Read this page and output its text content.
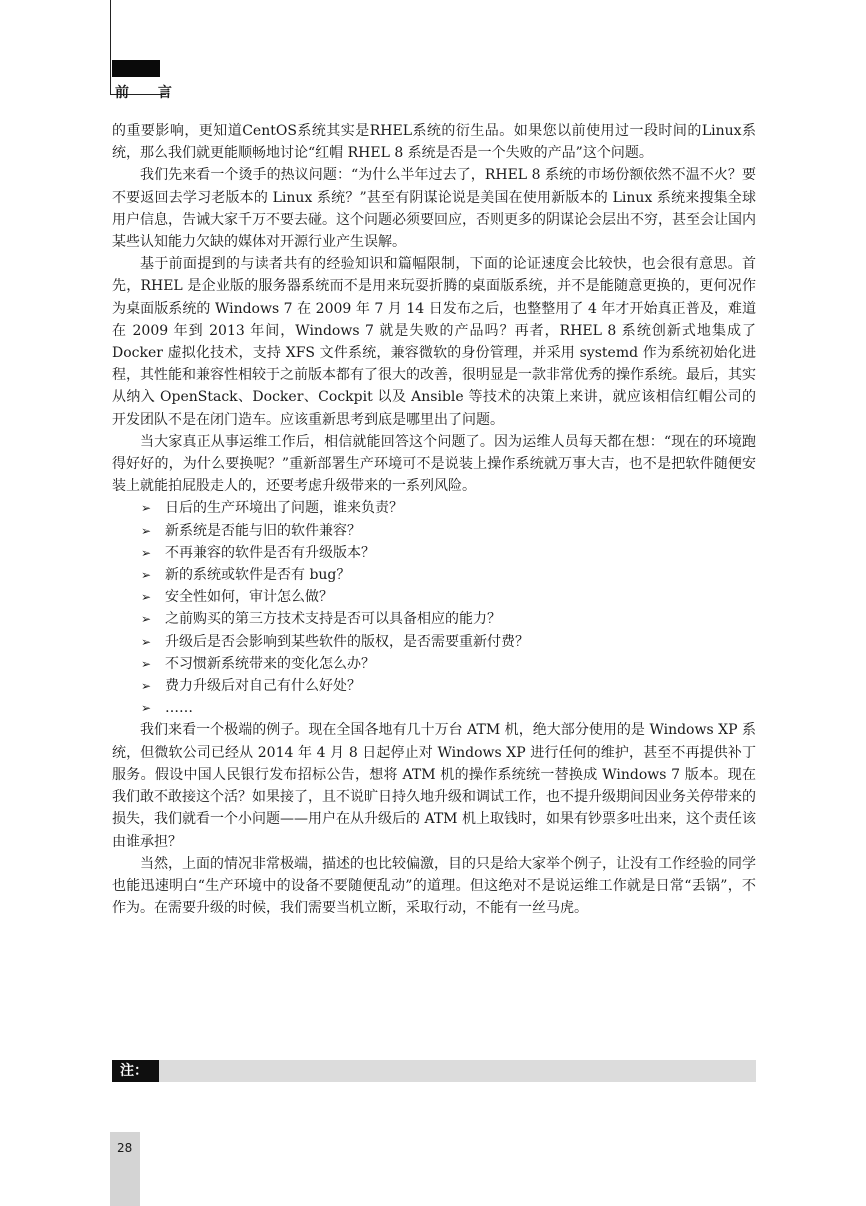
前 言

的重要影响，更知道CentOS系统其实是RHEL系统的衍生品。如果您以前使用过一段时间的Linux系统，那么我们就更能顺畅地讨论“红帽 RHEL 8 系统是否是一个失败的产品”这个问题。

我们先来看一个烫手的热议问题：“为什么半年过去了，RHEL 8 系统的市场份额依然不温不火？要不要返回去学习老版本的 Linux 系统？”甚至有阴谋论说是美国在使用新版本的 Linux 系统来搜集全球用户信息，告诫大家千万不要去碰。这个问题必须要回应，否则更多的阴谋论会层出不穷，甚至会让国内某些认知能力欠缺的媒体对开源行业产生误解。

基于前面提到的与读者共有的经验知识和篇幅限制，下面的论证速度会比较快，也会很有意思。首先，RHEL 是企业版的服务器系统而不是用来玩耍折腾的桌面版系统，并不是能随意更换的，更何况作为桌面版系统的 Windows 7 在 2009 年 7 月 14 日发布之后，也整整用了 4 年才开始真正普及，难道在 2009 年到 2013 年间，Windows 7 就是失败的产品吗？再者，RHEL 8 系统创新式地集成了 Docker 虚拟化技术，支持 XFS 文件系统，兼容微软的身份管理，并采用 systemd 作为系统初始化进程，其性能和兼容性相较于之前版本都有了很大的改善，很明显是一款非常优秀的操作系统。最后，其实从纳入 OpenStack、Docker、Cockpit 以及 Ansible 等技术的决策上来讲，就应该相信红帽公司的开发团队不是在闭门造车。应该重新思考到底是哪里出了问题。

当大家真正从事运维工作后，相信就能回答这个问题了。因为运维人员每天都在想：“现在的环境跑得好好的，为什么要换呢？”重新部署生产环境可不是说装上操作系统就万事大吉，也不是把软件随便安装上就能拍屁股走人的，还要考虑升级带来的一系列风险。

➢ 日后的生产环境出了问题，谁来负责？
➢ 新系统是否能与旧的软件兼容？
➢ 不再兼容的软件是否有升级版本？
➢ 新的系统或软件是否有 bug？
➢ 安全性如何，审计怎么做？
➢ 之前购买的第三方技术支持是否可以具备相应的能力？
➢ 升级后是否会影响到某些软件的版权，是否需要重新付费？
➢ 不习惯新系统带来的变化怎么办？
➢ 费力升级后对自己有什么好处？
➢ ……

我们来看一个极端的例子。现在全国各地有几十万台 ATM 机，绝大部分使用的是 Windows XP 系统，但微软公司已经从 2014 年 4 月 8 日起停止对 Windows XP 进行任何的维护，甚至不再提供补丁服务。假设中国人民银行发布招标公告，想将 ATM 机的操作系统统一替换成 Windows 7 版本。现在我们敢不敢接这个活？如果接了，且不说旷日持久地升级和调试工作，也不提升级期间因业务关停带来的损失，我们就看一个小问题——用户在从升级后的 ATM 机上取钱时，如果有钞票多吐出来，这个责任该由谁承担？

当然，上面的情况非常极端，描述的也比较偏激，目的只是给大家举个例子，让没有工作经验的同学也能迅速明白“生产环境中的设备不要随便乱动”的道理。但这绝对不是说运维工作就是日常“丢锅”，不作为。在需要升级的时候，我们需要当机立断，采取行动，不能有一丝马虎。

注：
28
